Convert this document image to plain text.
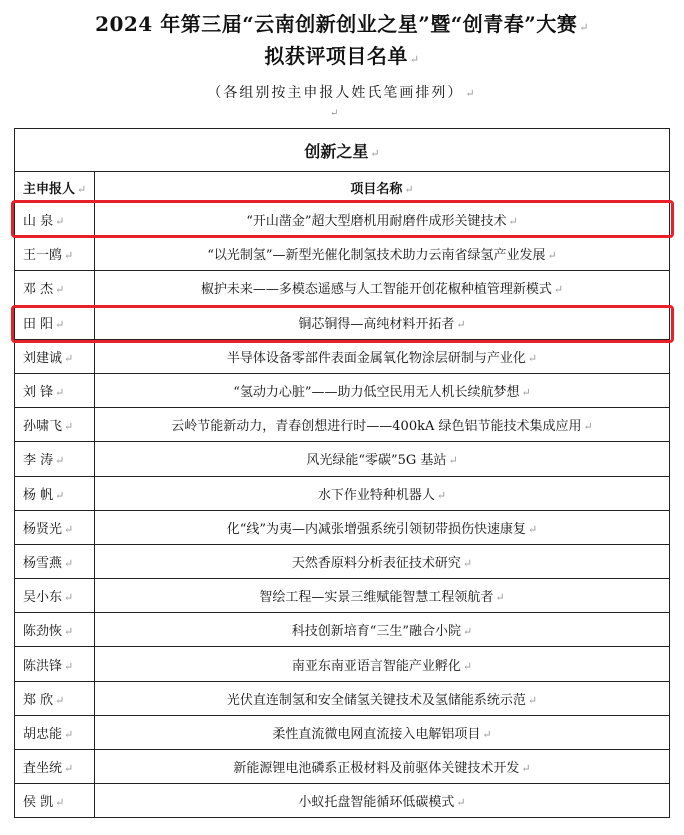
2024 年第三届“云南创新创业之星”暨“创青春”大赛 ↵
拟获评项目名单 ↵
（各组别按主申报人姓氏笔画排列） ↵
↵
创新之星 ↵	
主申报人 ↵	项目名称 ↵
山 泉 ↵	“开山凿金”超大型磨机用耐磨件成形关键技术 ↵
王一鸥 ↵	“以光制氢”—新型光催化制氢技术助力云南省绿氢产业发展 ↵
邓 杰 ↵	椒护未来——多模态遥感与人工智能开创花椒种植管理新模式 ↵
田 阳 ↵	铜芯铜得—高纯材料开拓者 ↵
刘建诚 ↵	半导体设备零部件表面金属氧化物涂层研制与产业化 ↵
刘 锋 ↵	“氢动力心脏”——助力低空民用无人机长续航梦想 ↵
孙啸飞 ↵	云岭节能新动力，青春创想进行时——400kA 绿色铝节能技术集成应用 ↵
李 涛 ↵	风光绿能“零碳”5G 基站 ↵
杨 帆 ↵	水下作业特种机器人 ↵
杨贤光 ↵	化“线”为夷—内减张增强系统引领韧带损伤快速康复 ↵
杨雪燕 ↵	天然香原料分析表征技术研究 ↵
吴小东 ↵	智绘工程—实景三维赋能智慧工程领航者 ↵
陈劲恢 ↵	科技创新培育“三生”融合小院 ↵
陈洪锋 ↵	南亚东南亚语言智能产业孵化 ↵
郑 欣 ↵	光伏直连制氢和安全储氢关键技术及氢储能系统示范 ↵
胡忠能 ↵	柔性直流微电网直流接入电解铝项目 ↵
査坐统 ↵	新能源锂电池磷系正极材料及前驱体关键技术开发 ↵
侯 凯 ↵	小蚁托盘智能循环低碳模式 ↵
